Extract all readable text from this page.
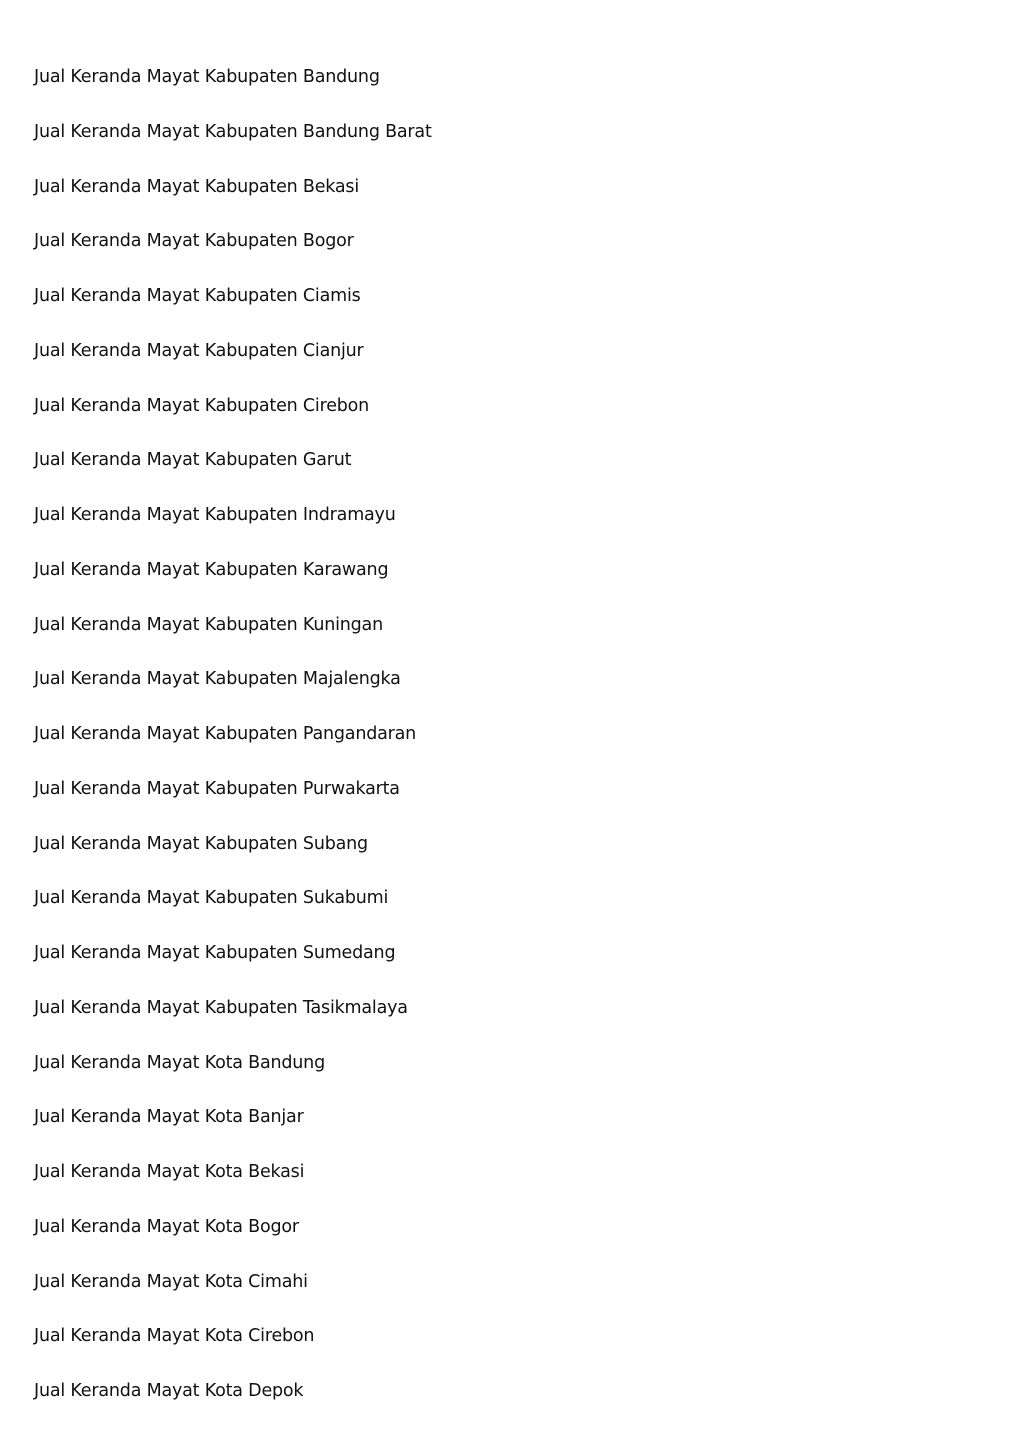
Jual Keranda Mayat Kabupaten Bandung
Jual Keranda Mayat Kabupaten Bandung Barat
Jual Keranda Mayat Kabupaten Bekasi
Jual Keranda Mayat Kabupaten Bogor
Jual Keranda Mayat Kabupaten Ciamis
Jual Keranda Mayat Kabupaten Cianjur
Jual Keranda Mayat Kabupaten Cirebon
Jual Keranda Mayat Kabupaten Garut
Jual Keranda Mayat Kabupaten Indramayu
Jual Keranda Mayat Kabupaten Karawang
Jual Keranda Mayat Kabupaten Kuningan
Jual Keranda Mayat Kabupaten Majalengka
Jual Keranda Mayat Kabupaten Pangandaran
Jual Keranda Mayat Kabupaten Purwakarta
Jual Keranda Mayat Kabupaten Subang
Jual Keranda Mayat Kabupaten Sukabumi
Jual Keranda Mayat Kabupaten Sumedang
Jual Keranda Mayat Kabupaten Tasikmalaya
Jual Keranda Mayat Kota Bandung
Jual Keranda Mayat Kota Banjar
Jual Keranda Mayat Kota Bekasi
Jual Keranda Mayat Kota Bogor
Jual Keranda Mayat Kota Cimahi
Jual Keranda Mayat Kota Cirebon
Jual Keranda Mayat Kota Depok
